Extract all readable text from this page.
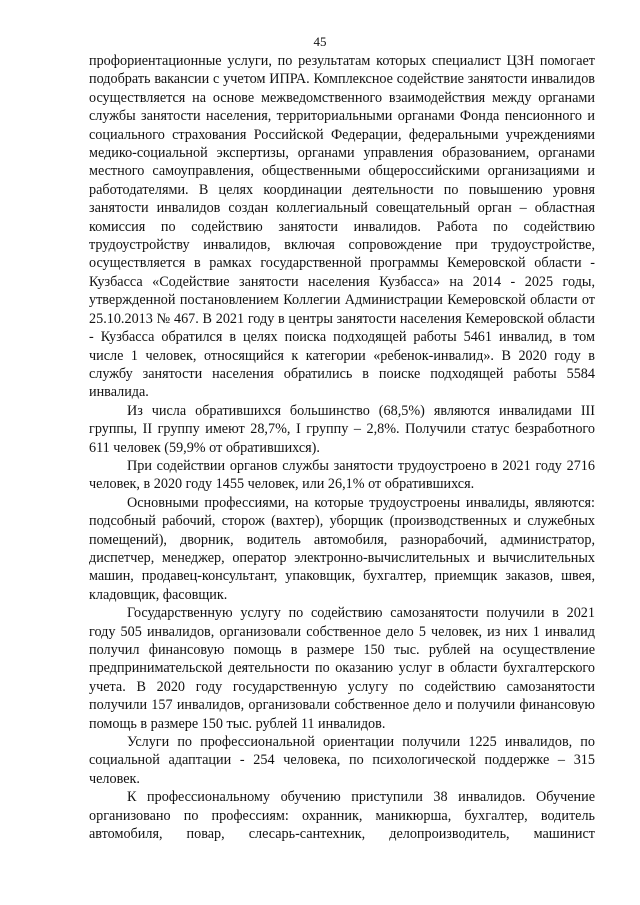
45

профориентационные услуги, по результатам которых специалист ЦЗН помогает подобрать вакансии с учетом ИПРА. Комплексное содействие занятости инвалидов осуществляется на основе межведомственного взаимодействия между органами службы занятости населения, территориальными органами Фонда пенсионного и социального страхования Российской Федерации, федеральными учреждениями медико-социальной экспертизы, органами управления образованием, органами местного самоуправления, общественными общероссийскими организациями и работодателями. В целях координации деятельности по повышению уровня занятости инвалидов создан коллегиальный совещательный орган – областная комиссия по содействию занятости инвалидов. Работа по содействию трудоустройству инвалидов, включая сопровождение при трудоустройстве, осуществляется в рамках государственной программы Кемеровской области - Кузбасса «Содействие занятости населения Кузбасса» на 2014 - 2025 годы, утвержденной постановлением Коллегии Администрации Кемеровской области от 25.10.2013 № 467. В 2021 году в центры занятости населения Кемеровской области - Кузбасса обратился в целях поиска подходящей работы 5461 инвалид, в том числе 1 человек, относящийся к категории «ребенок-инвалид». В 2020 году в службу занятости населения обратились в поиске подходящей работы 5584 инвалида.

Из числа обратившихся большинство (68,5%) являются инвалидами III группы, II группу имеют 28,7%, I группу – 2,8%. Получили статус безработного 611 человек (59,9% от обратившихся).

При содействии органов службы занятости трудоустроено в 2021 году 2716 человек, в 2020 году 1455 человек, или 26,1% от обратившихся.

Основными профессиями, на которые трудоустроены инвалиды, являются: подсобный рабочий, сторож (вахтер), уборщик (производственных и служебных помещений), дворник, водитель автомобиля, разнорабочий, администратор, диспетчер, менеджер, оператор электронно-вычислительных и вычислительных машин, продавец-консультант, упаковщик, бухгалтер, приемщик заказов, швея, кладовщик, фасовщик.

Государственную услугу по содействию самозанятости получили в 2021 году 505 инвалидов, организовали собственное дело 5 человек, из них 1 инвалид получил финансовую помощь в размере 150 тыс. рублей на осуществление предпринимательской деятельности по оказанию услуг в области бухгалтерского учета. В 2020 году государственную услугу по содействию самозанятости получили 157 инвалидов, организовали собственное дело и получили финансовую помощь в размере 150 тыс. рублей 11 инвалидов.

Услуги по профессиональной ориентации получили 1225 инвалидов, по социальной адаптации - 254 человека, по психологической поддержке – 315 человек.

К профессиональному обучению приступили 38 инвалидов. Обучение организовано по профессиям: охранник, маникюрша, бухгалтер, водитель автомобиля, повар, слесарь-сантехник, делопроизводитель, машинист
